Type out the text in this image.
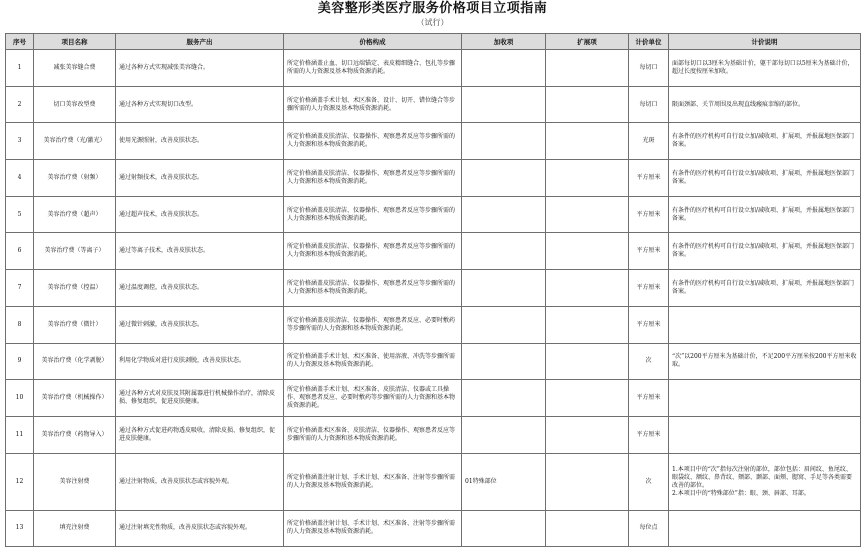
美容整形类医疗服务价格项目立项指南
（试行）
序号	项目名称	服务产出	价格构成	加收项	扩展项	计价单位	计价说明
1	减张美容缝合费	通过各种方式实现减张美容缝合。	所定价格涵盖止血、切口远端锚定、表皮精细缝合、包扎等步骤所需的人力资源及基本物质资源消耗。			每切口	面部每切口以3厘米为基础计价，躯干部每切口以5厘米为基础计价，超过长度按厘米加收。

2	切口美容改型费	通过各种方式实现切口改型。	所定价格涵盖手术计划、术区准备、设计、切开、错位缝合等步骤所需的人力资源及基本物质资源消耗。			每切口	限面颈部、关节周围及出现直线瘢痕挛缩的部位。

3	美容治疗费（光/激光）	使用光源照射，改善皮肤状态。	所定价格涵盖皮肤清洁、仪器操作、观察患者反应等步骤所需的人力资源和基本物质资源消耗。			光斑	有条件的医疗机构可自行设立加/减收项、扩展项，并报属地医保部门备案。

4	美容治疗费（射频）	通过射频技术，改善皮肤状态。	所定价格涵盖皮肤清洁、仪器操作、观察患者反应等步骤所需的人力资源和基本物质资源消耗。			平方厘米	有条件的医疗机构可自行设立加/减收项、扩展项，并报属地医保部门备案。

5	美容治疗费（超声）	通过超声技术，改善皮肤状态。	所定价格涵盖皮肤清洁、仪器操作、观察患者反应等步骤所需的人力资源和基本物质资源消耗。			平方厘米	有条件的医疗机构可自行设立加/减收项、扩展项，并报属地医保部门备案。

6	美容治疗费（等离子）	通过等离子技术，改善皮肤状态。	所定价格涵盖皮肤清洁、仪器操作、观察患者反应等步骤所需的人力资源和基本物质资源消耗。			平方厘米	有条件的医疗机构可自行设立加/减收项、扩展项，并报属地医保部门备案。

7	美容治疗费（控温）	通过温度调控，改善皮肤状态。	所定价格涵盖皮肤清洁、仪器操作、观察患者反应等步骤所需的人力资源和基本物质资源消耗。			平方厘米	有条件的医疗机构可自行设立加/减收项、扩展项，并报属地医保部门备案。

8	美容治疗费（微针）	通过微针刺激，改善皮肤状态。	所定价格涵盖皮肤清洁、仪器操作、观察患者反应、必要时敷药等步骤所需的人力资源和基本物质资源消耗。			平方厘米	
9	美容治疗费（化学剥脱）	利用化学物质对进行皮肤剥脱，改善皮肤状态。	所定价格涵盖手术计划、术区准备、使用溶液、冲洗等步骤所需的人力资源及基本物质资源消耗。			次	“次”以200平方厘米为基础计价，不足200平方厘米按200平方厘米收取。

10	美容治疗费（机械操作）	通过各种方式对皮肤及其附属器进行机械操作治疗，清除皮损、修复组织，促进皮肤健康。	所定价格涵盖手术计划、术区准备、皮肤清洁、仪器或工具操作、观察患者反应、必要时敷药等步骤所需的人力资源和基本物质资源消耗。			平方厘米	
11	美容治疗费（药物导入）	通过各种方式促进药物透皮吸收，清除皮损、修复组织，促进皮肤健康。	所定价格涵盖术区准备、皮肤清洁、仪器操作、观察患者反应等步骤所需的人力资源和基本物质资源消耗。			平方厘米	
12	美容注射费	通过注射物质，改善皮肤状态或容貌外观。	所定价格涵盖注射计划、手术计划、术区准备、注射等步骤所需的人力资源及基本物质资源消耗。	01特殊部位		次	1.本项目中的“次”指每次注射的部位，部位包括：眉间纹、鱼尾纹、眼袋纹、额纹、鼻背纹、颏部、颞部、面颊、腮窝、手足等各类需要改善的部位。
2.本项目中的“特殊部位”指：眼、颈、唇部、耳部。

13	填充注射费	通过注射填充性物质，改善皮肤状态或容貌外观。	所定价格涵盖注射计划、手术计划、术区准备、注射等步骤所需的人力资源及基本物质资源消耗。			每位点	
